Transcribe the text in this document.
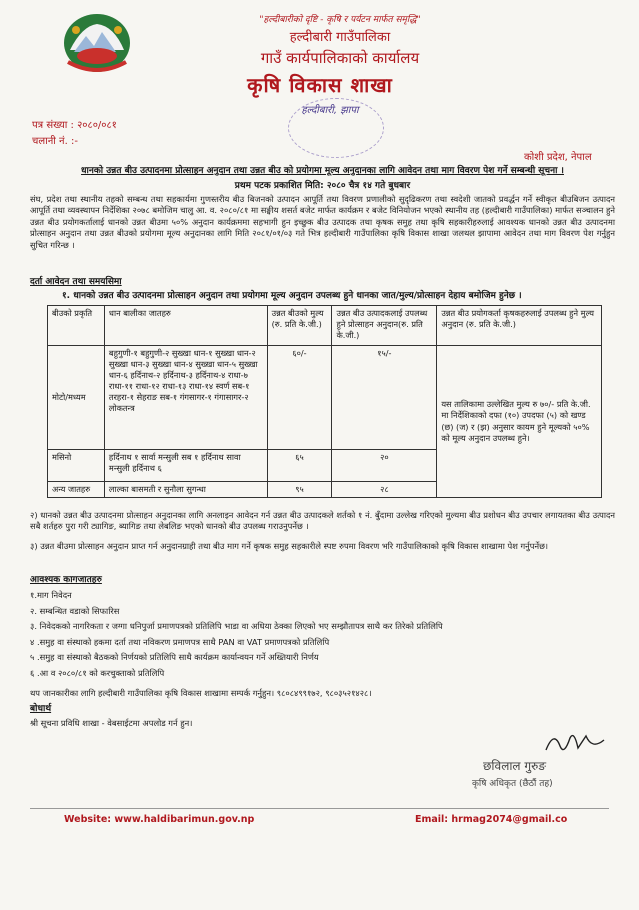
"हल्दीबारीको दृष्टि - कृषि र पर्यटन मार्फत समृद्धि"
हल्दीबारी गाउँपालिका
गाउँ कार्यपालिकाको कार्यालय
कृषि विकास शाखा
हल्दीबारी, झापा
पत्र संख्या : २०८०/०८१
चलानी नं. :-
कोशी प्रदेश, नेपाल
धानको उन्नत बीउ उत्पादनमा प्रोत्साहन अनुदान तथा उन्नत बीउ को प्रयोगमा मूल्य अनुदानका लागि आवेदन तथा माग विवरण पेश गर्ने सम्बन्धी सूचना ।
प्रथम पटक प्रकाशित मिति: २०८० चैत्र १४ गते बुधबार
संघ, प्रदेश तथा स्थानीय तहको सम्बन्ध तथा सहकार्यमा गुणस्तरीय बीउ बिजनको उत्पादन आपूर्ति तथा विवरण प्रणालीको सुदृढिकरण तथा स्वदेशी जातको प्रवर्द्धन गर्ने स्वीकृत बीउबिजन उत्पादन आपूर्ति तथा व्यवस्थापन निर्देशिका २०७८ बमोजिम चालु आ. व. २०८०/८१ मा सङ्घीय शसर्त बजेट मार्फत कार्यक्रम र बजेट विनियोजन भएको स्थानीय तह (हल्दीबारी गाउँपालिका) मार्फत सञ्चालन हुने उन्नत बीउ प्रयोगकर्तालाई धानको उन्नत बीउमा ५०% अनुदान कार्यक्रममा सहभागी हुन इच्छुक बीउ उत्पादक तथा कृषक समुह तथा कृषि सहकारीहरुलाई आवश्यक धानको उन्नत बीउ उत्पादनमा प्रोत्साहन अनुदान तथा उन्नत बीउको प्रयोगमा मूल्य अनुदानका लागि मिति २०८१/०१/०३ गते भित्र हल्दीबारी गाउँपालिका कृषि विकास शाखा जलथल झापामा आवेदन तथा माग विवरण पेश गर्नुहुन सुचित गरिन्छ ।
दर्ता आवेदन तथा समयसिमा
१. धानको उन्नत बीउ उत्पादनमा प्रोत्साहन अनुदान तथा प्रयोगमा मूल्य अनुदान उपलब्ध हुने धानका जात/मुल्य/प्रोत्साहन देहाय बमोजिम हुनेछ ।
बीउको प्रकृति	धान बालीका जातहरु	उन्नत बीउको मुल्य (रु. प्रति के.जी.)	उन्नत बीउ उत्पादकलाई उपलब्ध हुने प्रोत्साहन अनुदान(रु. प्रति के.जी.)	उन्नत बीउ प्रयोगकर्ता कृषकहरुलाई उपलब्ध हुने मुल्य अनुदान (रु. प्रति के.जी.)
मोटो/मध्यम	बहुगुणी-१ बहुगुणी-२ सुख्खा धान-१ सुख्खा धान-२ सुख्खा धान-३ सुख्खा धान-४ सुख्खा धान-५ सुख्खा धान-६ हर्दिनाथ-२ हर्दिनाथ-३ हर्दिनाथ-४ राधा-७ राधा-११ राधा-१२ राधा-१३ राधा-१४ स्वर्ण सब-१ तरहरा-१ सेहराङ सब-१ गंगसागर-१ गंगासागर-२ लोकतन्त्र	६०/-	१५/-	यस तालिकामा उल्लेखित मुल्य रु ७०/- प्रति के.जी. मा निर्देशिकाको दफा (१०) उपदफा (५) को खण्ड (छ) (ज) र (झ) अनुसार कायम हुने मूल्यको ५०% को मूल्य अनुदान उपलब्ध हुने।
मसिनो	हर्दिनाथ १ सार्वा मन्सुली सब १ हर्दिनाथ सावा मन्सुली हर्दिनाथ ६	६५	२०	
अन्य जातहरु	लाल्का बासमती र सुनौला सुगन्धा	९५	२८	
२) धानको उन्नत बीउ उत्पादनमा प्रोत्साहन अनुदानका लागि अनलाइन आवेदन गर्न उन्नत बीउ उत्पादकले शर्तको १ नं. बुँदामा उल्लेख गरिएको मुल्यमा बीउ प्रशोधन बीउ उपचार लगायतका बीउ उत्पादन सबै शर्तहरु पुरा गरी ट्यागिङ, ब्यागिङ तथा लेबलिङ भएको धानको बीउ उपलब्ध गराउनुपर्नेछ ।
३) उन्नत बीउमा प्रोत्साहन अनुदान प्राप्त गर्न अनुदानग्राही तथा बीउ माग गर्ने कृषक समुह सहकारीले स्पष्ट रुपमा विवरण भरि गाउँपालिकाको कृषि विकास शाखामा पेश गर्नुपर्नेछ।
आवश्यक कागजातहरु
१.माग निवेदन
२. सम्बन्धित वडाको सिफारिस
३. निवेदकको नागरिकता र जग्गा धनिपुर्जा प्रमाणपत्रको प्रतिलिपि भाडा वा अधिया ठेक्का लिएको भए सम्झौतापत्र साथै कर तिरेको प्रतिलिपि
४ .समुह वा संस्थाको हकमा दर्ता तथा नविकरण प्रमाणपत्र साथै PAN वा VAT प्रमाणपत्रको प्रतिलिपि
५ .समुह वा संस्थाको बैठकको निर्णयको प्रतिलिपि साथै कार्यक्रम कार्यान्वयन गर्ने अख्तियारी निर्णय
६ .आ व २०८०/८१ को करचुक्ताको प्रतिलिपि
थप जानकारीका लागि हल्दीबारी गाउँपालिका कृषि विकास शाखामा सम्पर्क गर्नुहुन। ९८०८४९९१७२, ९८०३५२१४२८।
बोधार्थ
श्री सूचना प्रविधि शाखा - वेबसाईटमा अपलोड गर्न हुन।
छविलाल गुरुङ
कृषि अधिकृत (छैठौं तह)
Website: www.haldibarimun.gov.np	Email: hrmag2074@gmail.co
